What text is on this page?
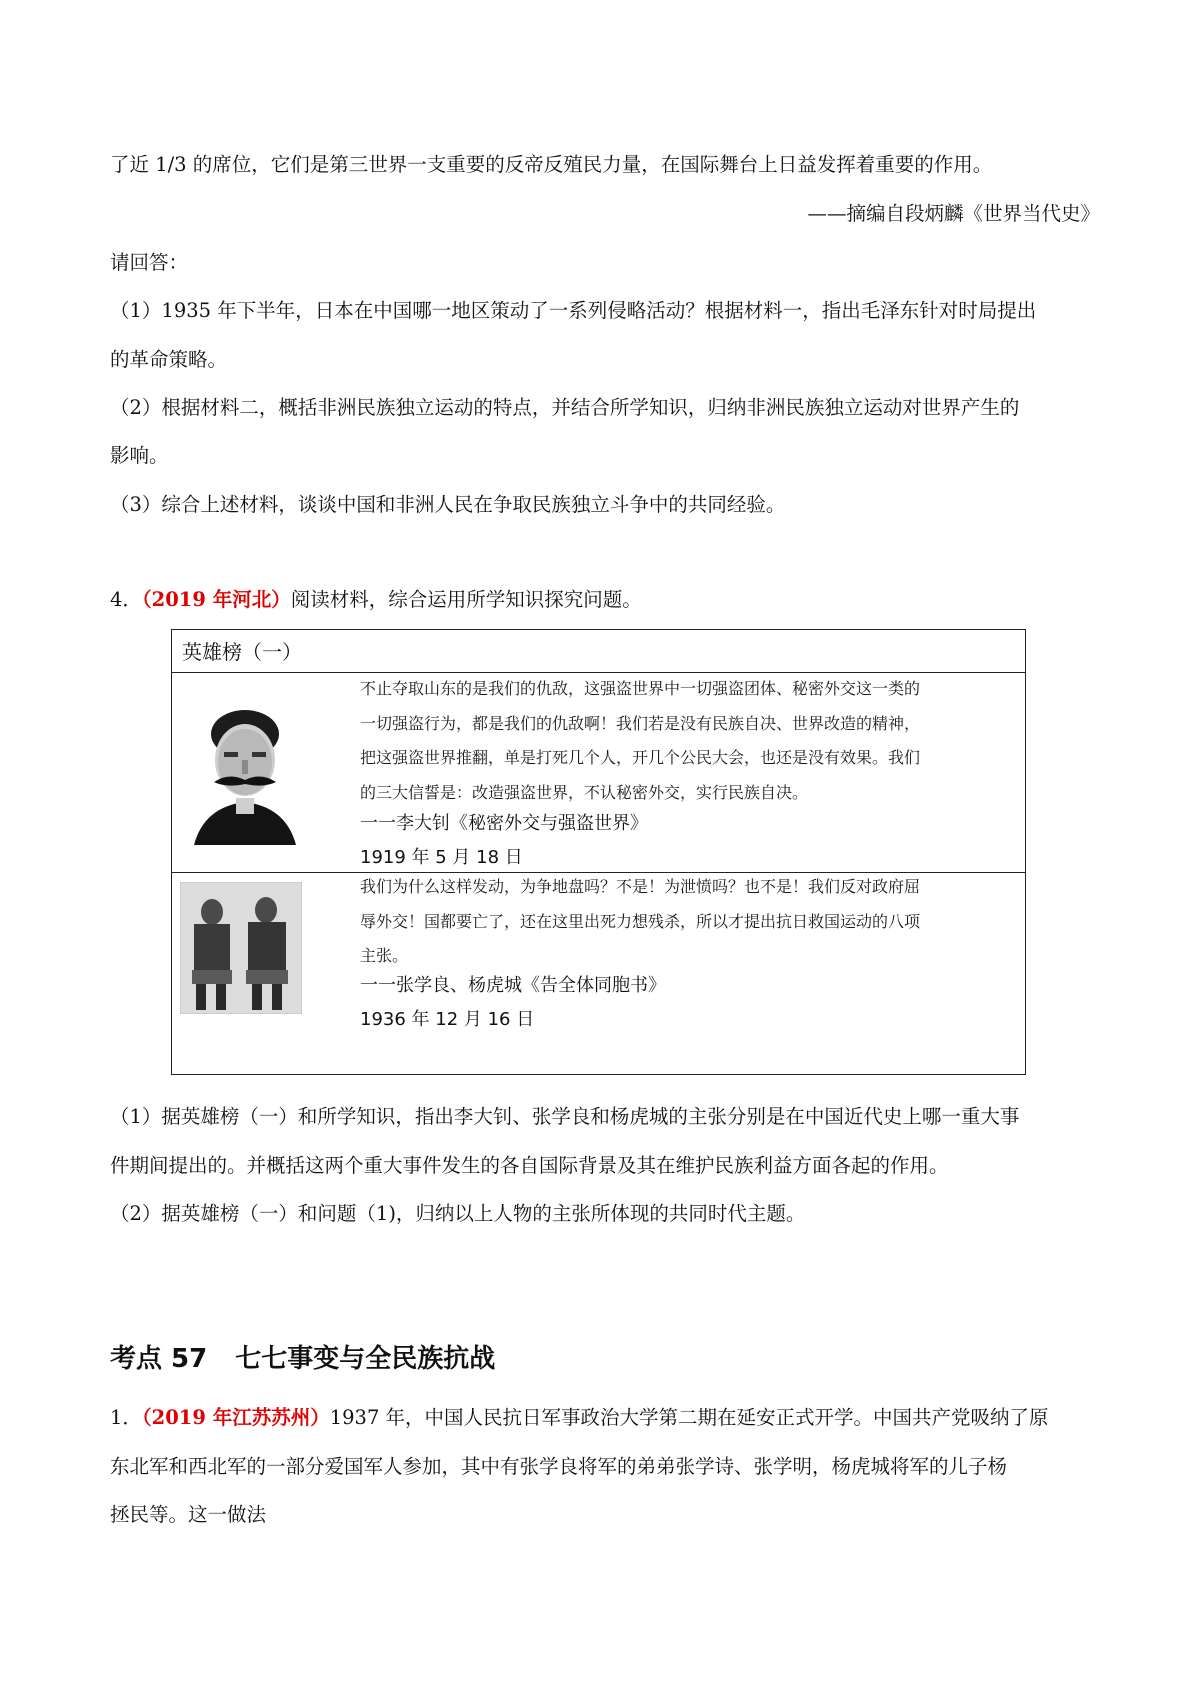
了近 1/3 的席位，它们是第三世界一支重要的反帝反殖民力量，在国际舞台上日益发挥着重要的作用。
——摘编自段炳麟《世界当代史》
请回答：
（1）1935 年下半年，日本在中国哪一地区策动了一系列侵略活动？根据材料一，指出毛泽东针对时局提出
的革命策略。
（2）根据材料二，概括非洲民族独立运动的特点，并结合所学知识，归纳非洲民族独立运动对世界产生的
影响。
（3）综合上述材料，谈谈中国和非洲人民在争取民族独立斗争中的共同经验。
4．（2019 年河北）阅读材料，综合运用所学知识探究问题。
英雄榜（一）
不止夺取山东的是我们的仇敌，这强盗世界中一切强盗团体、秘密外交这一类的
一切强盗行为，都是我们的仇敌啊！我们若是没有民族自决、世界改造的精神，
把这强盗世界推翻，单是打死几个人，开几个公民大会，也还是没有效果。我们
的三大信誓是：改造强盗世界，不认秘密外交，实行民族自决。
一一李大钊《秘密外交与强盗世界》
1919 年 5 月 18 日
我们为什么这样发动，为争地盘吗？不是！为泄愤吗？也不是！我们反对政府屈
辱外交！国都要亡了，还在这里出死力想残杀，所以才提出抗日救国运动的八项
主张。
一一张学良、杨虎城《告全体同胞书》
1936 年 12 月 16 日
（1）据英雄榜（一）和所学知识，指出李大钊、张学良和杨虎城的主张分别是在中国近代史上哪一重大事
件期间提出的。并概括这两个重大事件发生的各自国际背景及其在维护民族利益方面各起的作用。
（2）据英雄榜（一）和问题（1)，归纳以上人物的主张所体现的共同时代主题。
考点 57 七七事变与全民族抗战
1．（2019 年江苏苏州）1937 年，中国人民抗日军事政治大学第二期在延安正式开学。中国共产党吸纳了原
东北军和西北军的一部分爱国军人参加，其中有张学良将军的弟弟张学诗、张学明，杨虎城将军的儿子杨
拯民等。这一做法
